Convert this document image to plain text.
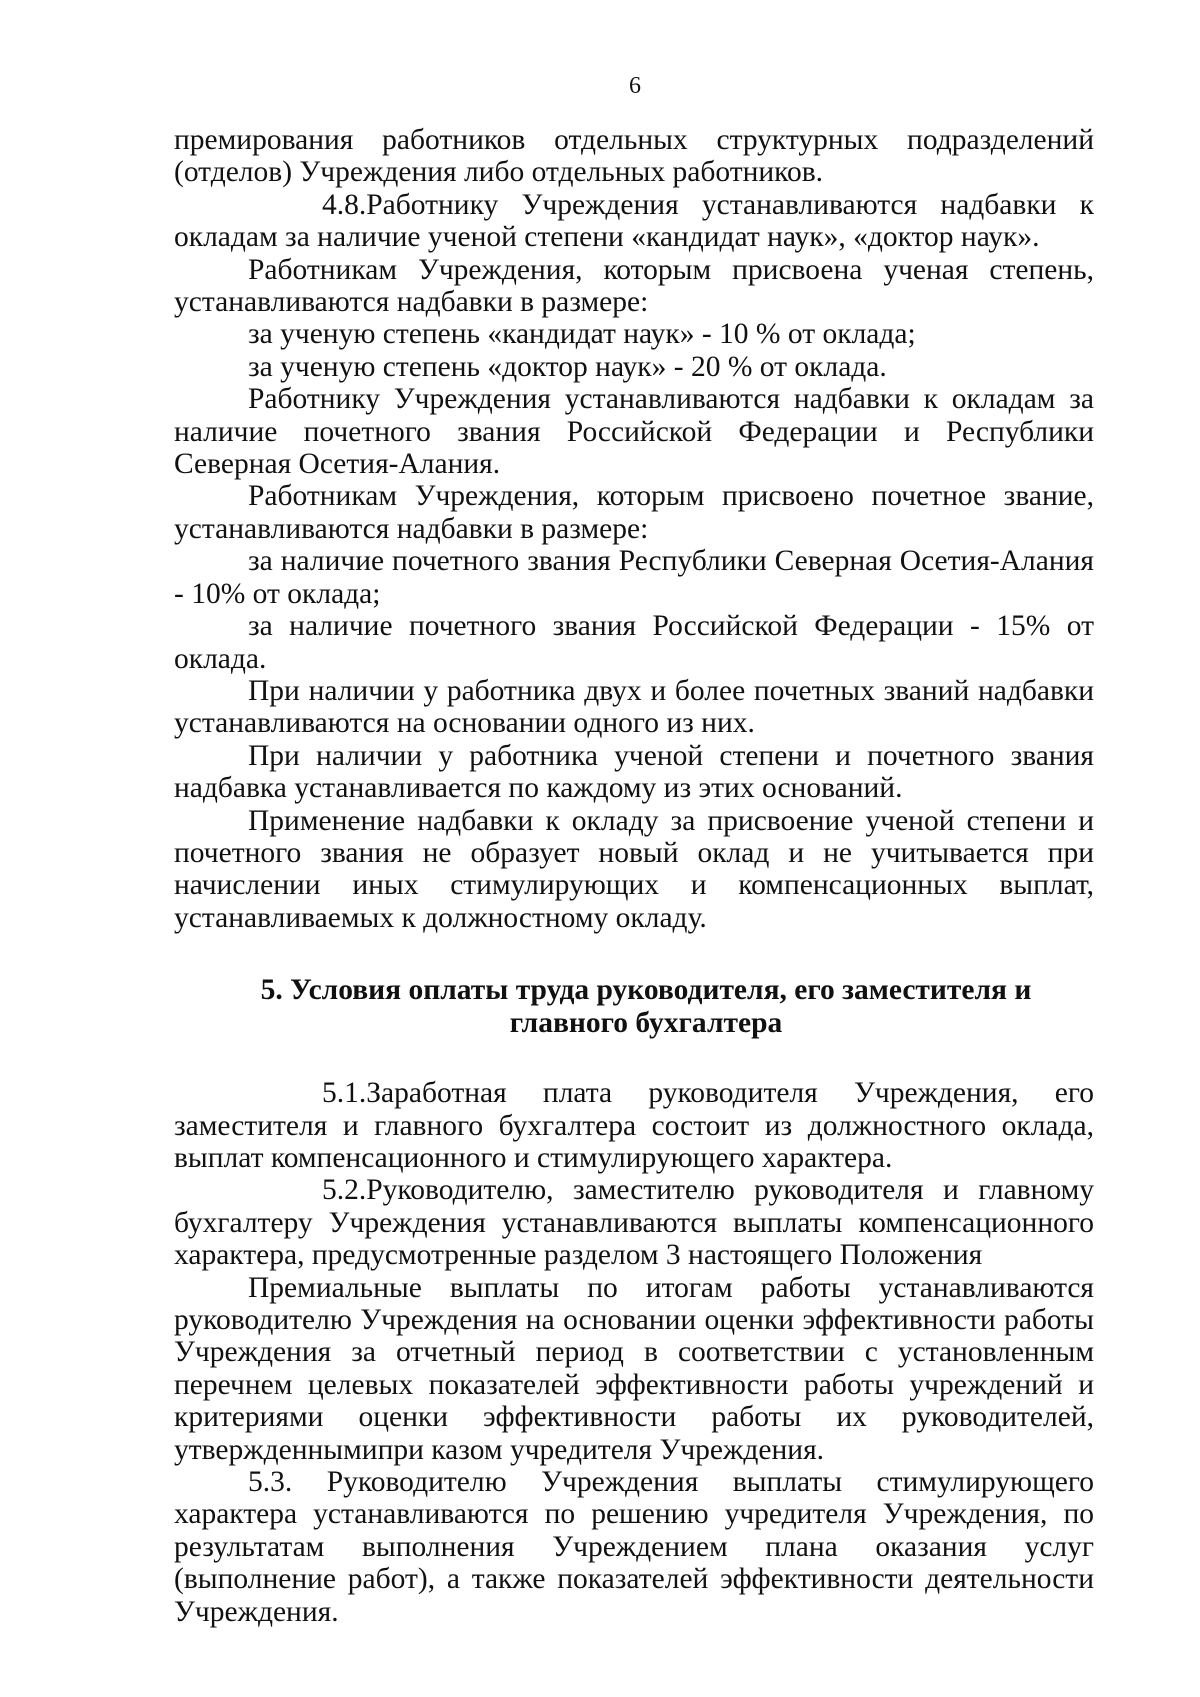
6

премирования работников отдельных структурных подразделений (отделов) Учреждения либо отдельных работников.

4.8.Работнику Учреждения устанавливаются надбавки к окладам за наличие ученой степени «кандидат наук», «доктор наук».

Работникам Учреждения, которым присвоена ученая степень, устанавливаются надбавки в размере:

за ученую степень «кандидат наук» - 10 % от оклада;

за ученую степень «доктор наук» - 20 % от оклада.

Работнику Учреждения устанавливаются надбавки к окладам за наличие почетного звания Российской Федерации и Республики Северная Осетия-Алания.

Работникам Учреждения, которым присвоено почетное звание, устанавливаются надбавки в размере:

за наличие почетного звания Республики Северная Осетия-Алания - 10% от оклада;

за наличие почетного звания Российской Федерации - 15% от оклада.

При наличии у работника двух и более почетных званий надбавки устанавливаются на основании одного из них.

При наличии у работника ученой степени и почетного звания надбавка устанавливается по каждому из этих оснований.

Применение надбавки к окладу за присвоение ученой степени и почетного звания не образует новый оклад и не учитывается при начислении иных стимулирующих и компенсационных выплат, устанавливаемых к должностному окладу.

5. Условия оплаты труда руководителя, его заместителя и главного бухгалтера

5.1.Заработная плата руководителя Учреждения, его заместителя и главного бухгалтера состоит из должностного оклада, выплат компенсационного и стимулирующего характера.

5.2.Руководителю, заместителю руководителя и главному бухгалтеру Учреждения устанавливаются выплаты компенсационного характера, предусмотренные разделом 3 настоящего Положения

Премиальные выплаты по итогам работы устанавливаются руководителю Учреждения на основании оценки эффективности работы Учреждения за отчетный период в соответствии с установленным перечнем целевых показателей эффективности работы учреждений и критериями оценки эффективности работы их руководителей, утвержденнымипри казом учредителя Учреждения.

5.3. Руководителю Учреждения выплаты стимулирующего характера устанавливаются по решению учредителя Учреждения, по результатам выполнения Учреждением плана оказания услуг (выполнение работ), а также показателей эффективности деятельности Учреждения.
